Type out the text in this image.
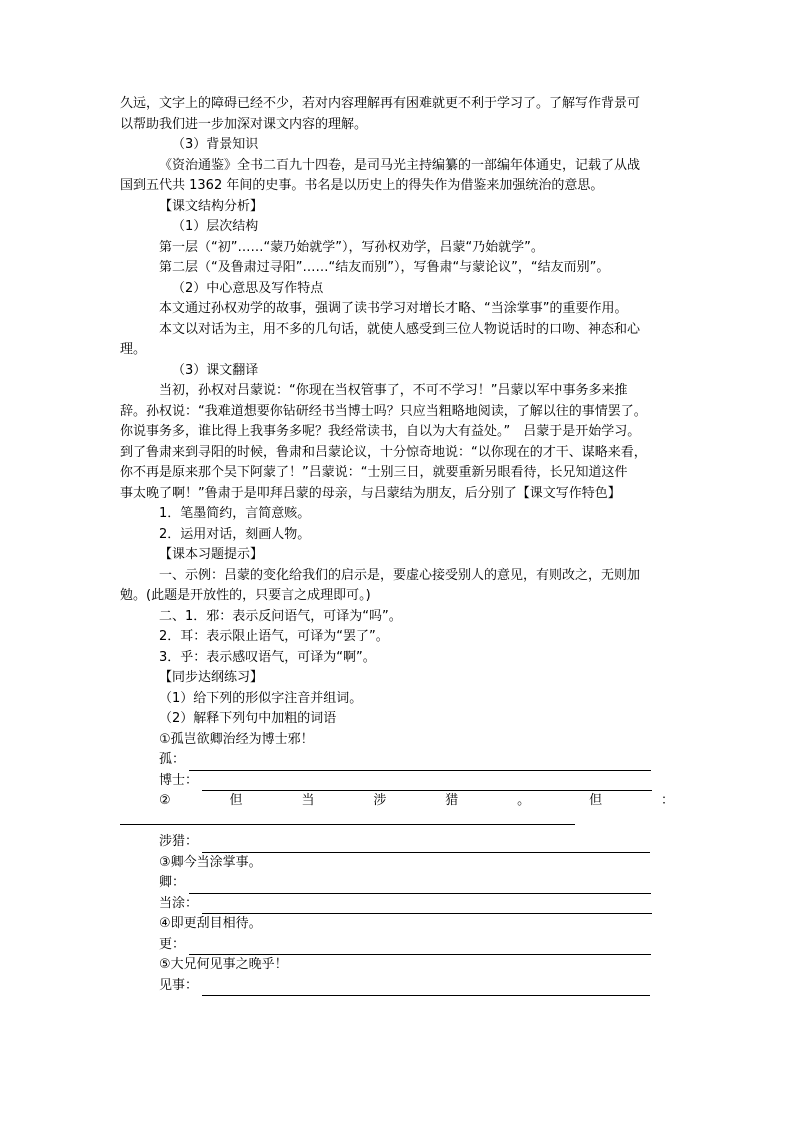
久远，文字上的障碍已经不少，若对内容理解再有困难就更不利于学习了。了解写作背景可
以帮助我们进一步加深对课文内容的理解。
（3）背景知识
《资治通鉴》全书二百九十四卷，是司马光主持编纂的一部编年体通史，记载了从战
国到五代共 1362 年间的史事。书名是以历史上的得失作为借鉴来加强统治的意思。
【课文结构分析】
（1）层次结构
第一层（“初”……“蒙乃始就学”），写孙权劝学，吕蒙“乃始就学”。
第二层（“及鲁肃过寻阳”……“结友而别”），写鲁肃“与蒙论议”，“结友而别”。
（2）中心意思及写作特点
本文通过孙权劝学的故事，强调了读书学习对增长才略、“当涂掌事”的重要作用。
本文以对话为主，用不多的几句话，就使人感受到三位人物说话时的口吻、神态和心
理。
（3）课文翻译
当初，孙权对吕蒙说：“你现在当权管事了，不可不学习！”吕蒙以军中事务多来推
辞。孙权说：“我难道想要你钻研经书当博士吗？只应当粗略地阅读，了解以往的事情罢了。
你说事务多，谁比得上我事务多呢？我经常读书，自以为大有益处。”　吕蒙于是开始学习。
到了鲁肃来到寻阳的时候，鲁肃和吕蒙论议，十分惊奇地说：“以你现在的才干、谋略来看，
你不再是原来那个吴下阿蒙了！”吕蒙说：“士别三日，就要重新另眼看待，长兄知道这件
事太晚了啊！”鲁肃于是叩拜吕蒙的母亲，与吕蒙结为朋友，后分别了【课文写作特色】
1．笔墨简约，言简意赅。
2．运用对话，刻画人物。
【课本习题提示】
一、示例：吕蒙的变化给我们的启示是，要虚心接受别人的意见，有则改之，无则加
勉。(此题是开放性的，只要言之成理即可。)
二、1．邪：表示反问语气，可译为“吗”。
2．耳：表示限止语气，可译为“罢了”。
3．乎：表示感叹语气，可译为“啊”。
【同步达纲练习】
（1）给下列的形似字注音并组词。
（2）解释下列句中加粗的词语
①孤岂欲卿治经为博士邪！
孤：
博士：
②	但	当	涉	猎	。	但	：
涉猎：
③卿今当涂掌事。
卿：
当涂：
④即更刮目相待。
更：
⑤大兄何见事之晚乎！
见事：
